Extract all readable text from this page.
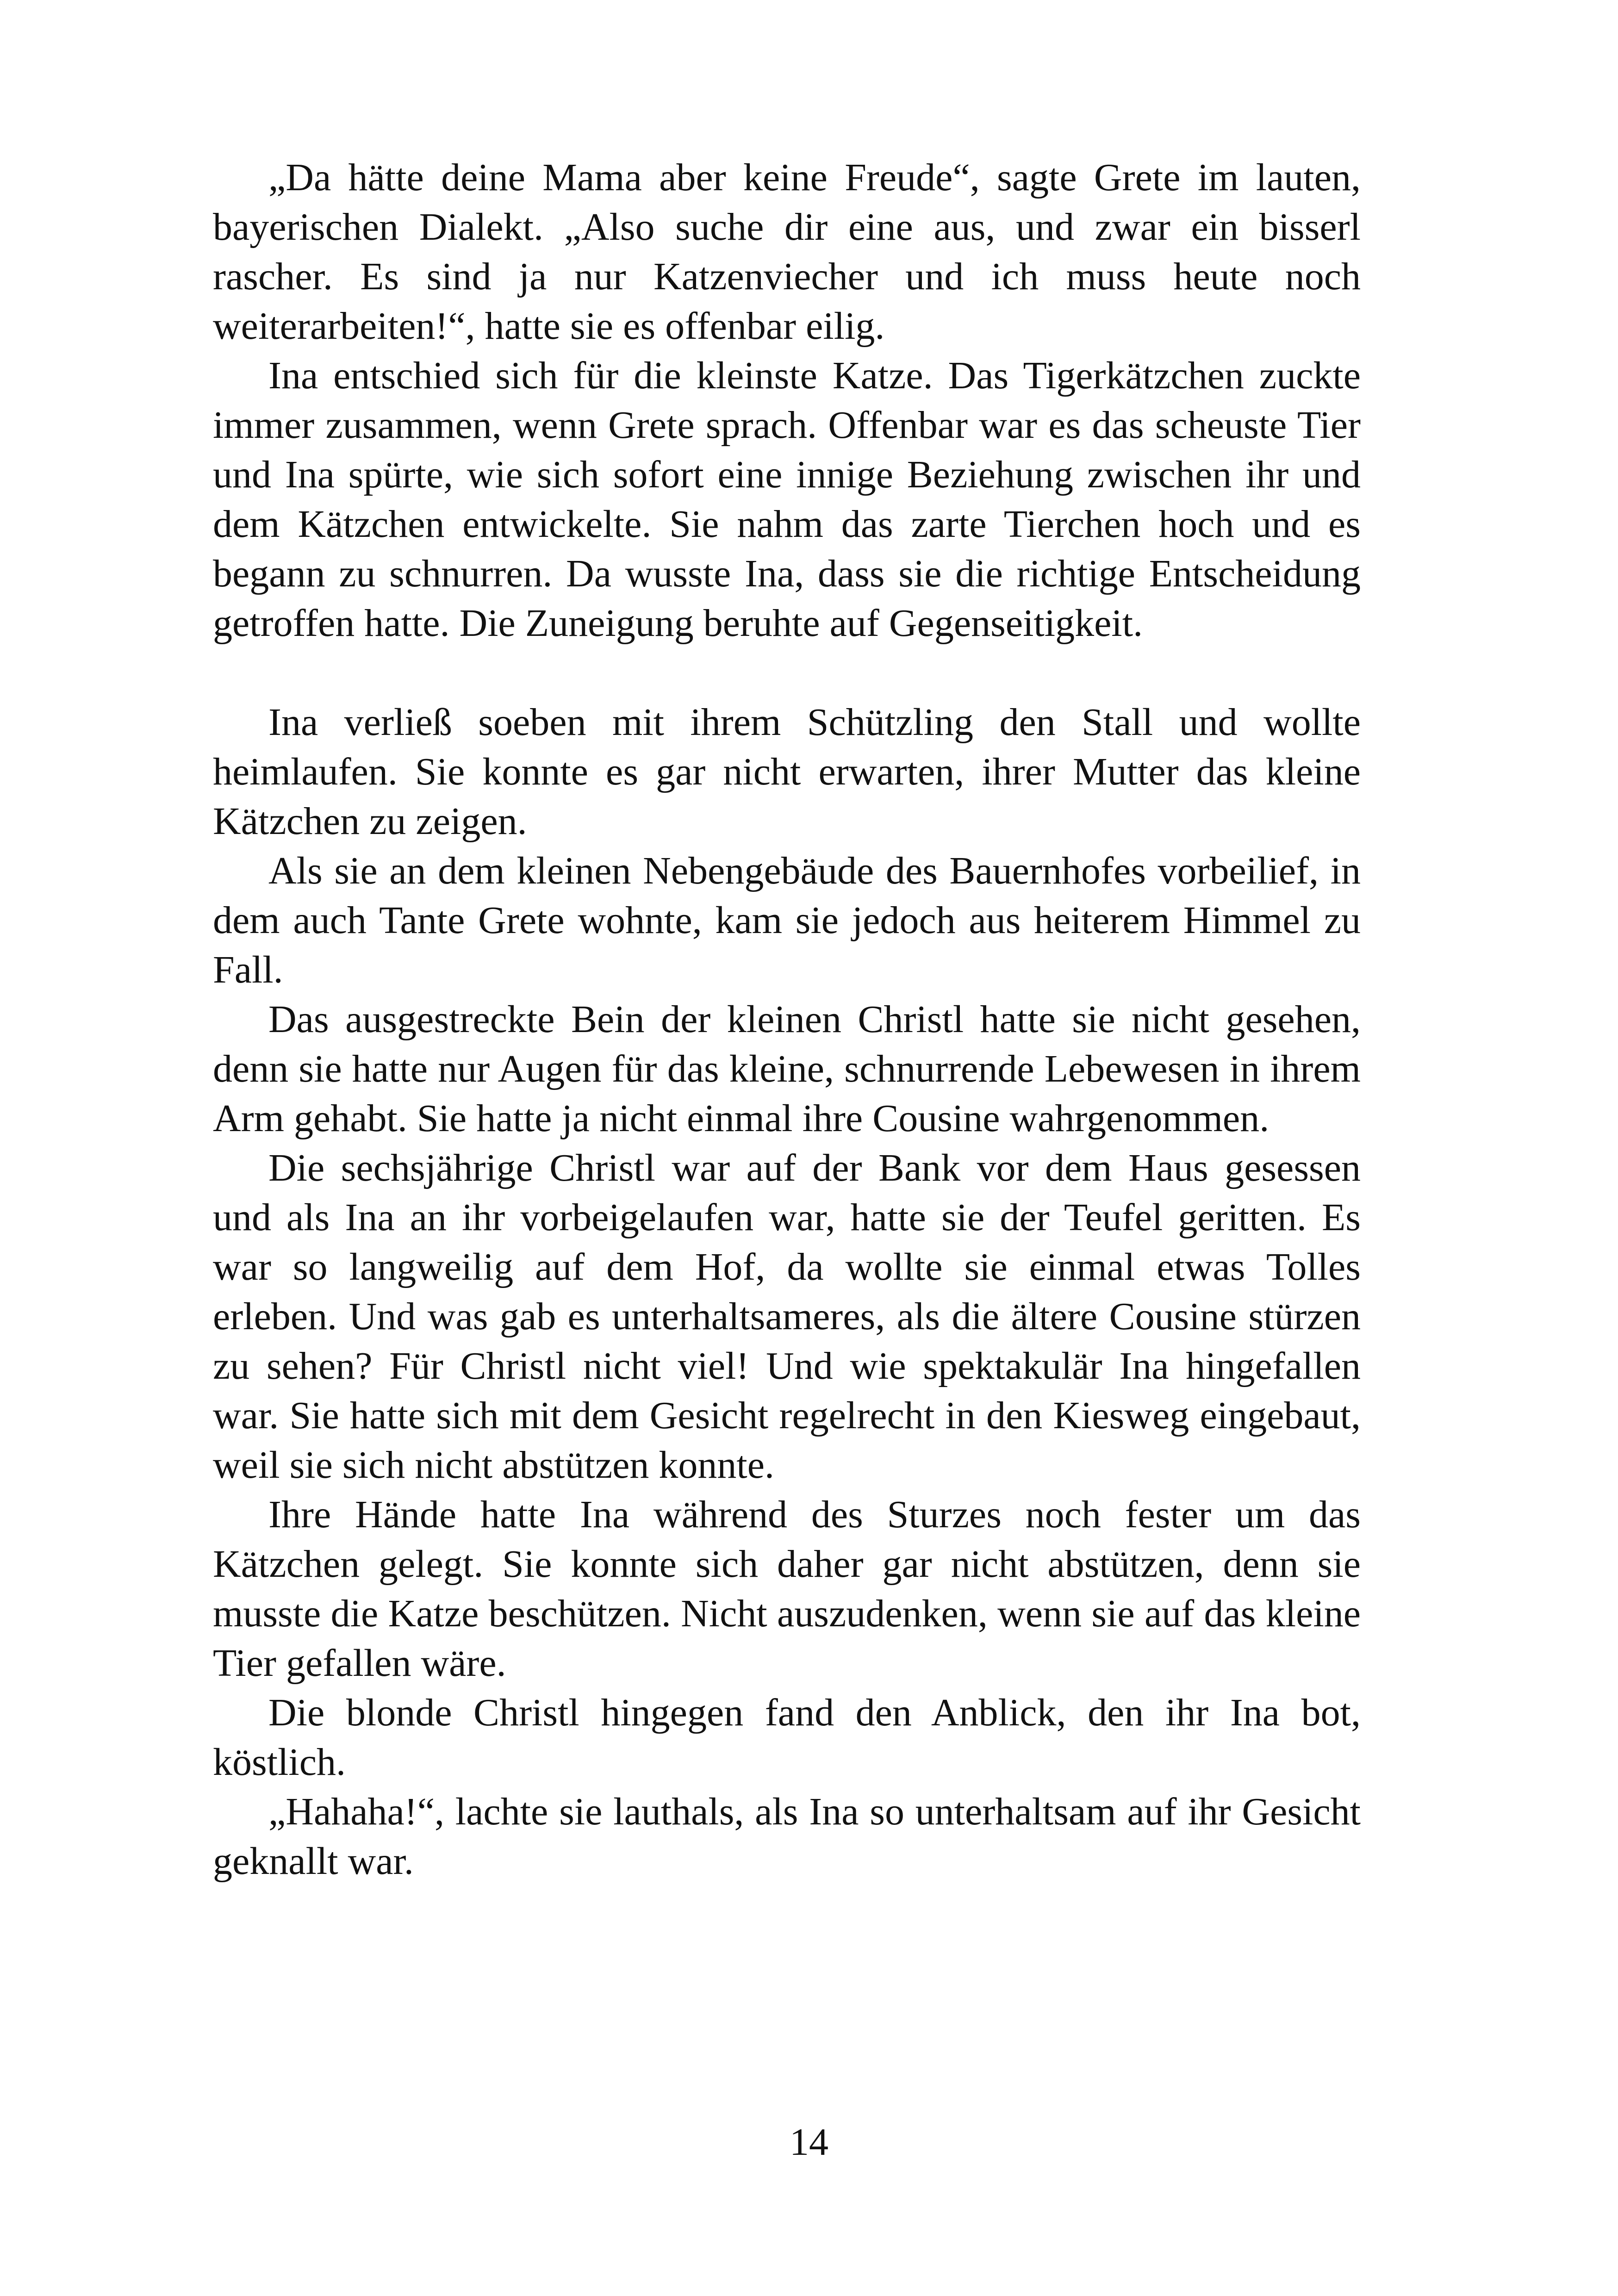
„Da hätte deine Mama aber keine Freude“, sagte Grete im lauten, bayerischen Dialekt. „Also suche dir eine aus, und zwar ein bisserl rascher. Es sind ja nur Katzenviecher und ich muss heute noch weiterarbeiten!“, hatte sie es offenbar eilig.

Ina entschied sich für die kleinste Katze. Das Tigerkätzchen zuckte immer zusammen, wenn Grete sprach. Offenbar war es das scheuste Tier und Ina spürte, wie sich sofort eine innige Beziehung zwischen ihr und dem Kätzchen entwickelte. Sie nahm das zarte Tierchen hoch und es begann zu schnurren. Da wusste Ina, dass sie die richtige Entscheidung getroffen hatte. Die Zuneigung beruhte auf Gegenseitigkeit.

Ina verließ soeben mit ihrem Schützling den Stall und wollte heimlaufen. Sie konnte es gar nicht erwarten, ihrer Mutter das kleine Kätzchen zu zeigen.

Als sie an dem kleinen Nebengebäude des Bauernhofes vorbeilief, in dem auch Tante Grete wohnte, kam sie jedoch aus heiterem Himmel zu Fall.

Das ausgestreckte Bein der kleinen Christl hatte sie nicht gesehen, denn sie hatte nur Augen für das kleine, schnurrende Lebewesen in ihrem Arm gehabt. Sie hatte ja nicht einmal ihre Cousine wahrgenommen.

Die sechsjährige Christl war auf der Bank vor dem Haus gesessen und als Ina an ihr vorbeigelaufen war, hatte sie der Teufel geritten. Es war so langweilig auf dem Hof, da wollte sie einmal etwas Tolles erleben. Und was gab es unterhaltsameres, als die ältere Cousine stürzen zu sehen? Für Christl nicht viel! Und wie spektakulär Ina hingefallen war. Sie hatte sich mit dem Gesicht regelrecht in den Kiesweg eingebaut, weil sie sich nicht abstützen konnte.

Ihre Hände hatte Ina während des Sturzes noch fester um das Kätzchen gelegt. Sie konnte sich daher gar nicht abstützen, denn sie musste die Katze beschützen. Nicht auszudenken, wenn sie auf das kleine Tier gefallen wäre.

Die blonde Christl hingegen fand den Anblick, den ihr Ina bot, köstlich.

„Hahaha!“, lachte sie lauthals, als Ina so unterhaltsam auf ihr Gesicht geknallt war.

14
